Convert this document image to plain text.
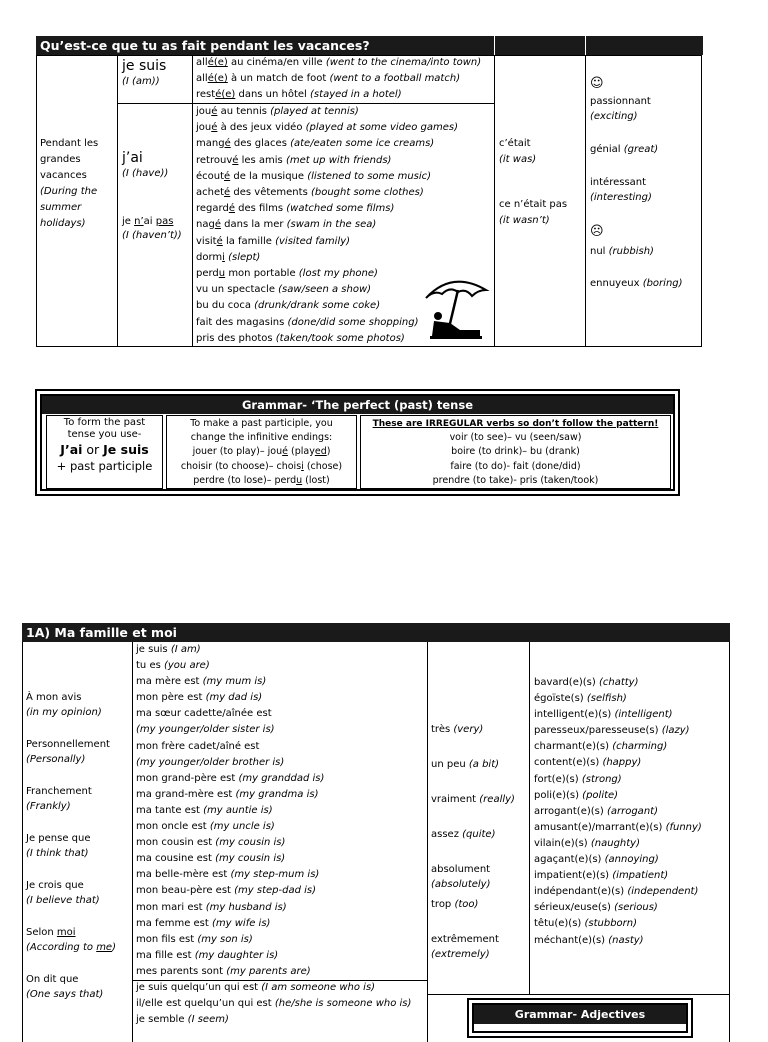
Qu’est-ce que tu as fait pendant les vacances?
Pendant les
grandes
vacances
(During the
summer
holidays)
je suis
(I (am))
j’ai
(I (have))
je n’ai pas
(I (haven’t))
allé(e) au cinéma/en ville (went to the cinema/into town)
allé(e) à un match de foot (went to a football match)
resté(e) dans un hôtel (stayed in a hotel)
joué au tennis (played at tennis)
joué à des jeux vidéo (played at some video games)
mangé des glaces (ate/eaten some ice creams)
retrouvé les amis (met up with friends)
écouté de la musique (listened to some music)
acheté des vêtements (bought some clothes)
regardé des films (watched some films)
nagé dans la mer (swam in the sea)
visité la famille (visited family)
dormi (slept)
perdu mon portable (lost my phone)
vu un spectacle (saw/seen a show)
bu du coca (drunk/drank some coke)
fait des magasins (done/did some shopping)
pris des photos (taken/took some photos)
c’était
(it was)
ce n’était pas
(it wasn’t)
☺
passionnant
(exciting)
génial (great)
intéressant
(interesting)
☹
nul (rubbish)
ennuyeux (boring)
Grammar- ‘The perfect (past) tense
To form the past
tense you use-
J’ai or Je suis
+ past participle
To make a past participle, you
change the infinitive endings:
jouer (to play)– joué (played)
choisir (to choose)– choisi (chose)
perdre (to lose)– perdu (lost)
These are IRREGULAR verbs so don’t follow the pattern!
voir (to see)– vu (seen/saw)
boire (to drink)– bu (drank)
faire (to do)- fait (done/did)
prendre (to take)- pris (taken/took)
1A) Ma famille et moi
À mon avis
(in my opinion)
Personnellement
(Personally)
Franchement
(Frankly)
Je pense que
(I think that)
Je crois que
(I believe that)
Selon moi
(According to me)
On dit que
(One says that)
je suis (I am)
tu es (you are)
ma mère est (my mum is)
mon père est (my dad is)
ma sœur cadette/aînée est
(my younger/older sister is)
mon frère cadet/aîné est
(my younger/older brother is)
mon grand-père est (my granddad is)
ma grand-mère est (my grandma is)
ma tante est (my auntie is)
mon oncle est (my uncle is)
mon cousin est (my cousin is)
ma cousine est (my cousin is)
ma belle-mère est (my step-mum is)
mon beau-père est (my step-dad is)
mon mari est (my husband is)
ma femme est (my wife is)
mon fils est (my son is)
ma fille est (my daughter is)
mes parents sont (my parents are)
je suis quelqu’un qui est (I am someone who is)
il/elle est quelqu’un qui est (he/she is someone who is)
je semble (I seem)
très (very)
un peu (a bit)
vraiment (really)
assez (quite)
absolument
(absolutely)
trop (too)
extrêmement
(extremely)
bavard(e)(s) (chatty)
égoïste(s) (selfish)
intelligent(e)(s) (intelligent)
paresseux/paresseuse(s) (lazy)
charmant(e)(s) (charming)
content(e)(s) (happy)
fort(e)(s) (strong)
poli(e)(s) (polite)
arrogant(e)(s) (arrogant)
amusant(e)/marrant(e)(s) (funny)
vilain(e)(s) (naughty)
agaçant(e)(s) (annoying)
impatient(e)(s) (impatient)
indépendant(e)(s) (independent)
sérieux/euse(s) (serious)
têtu(e)(s) (stubborn)
méchant(e)(s) (nasty)
Grammar- Adjectives
